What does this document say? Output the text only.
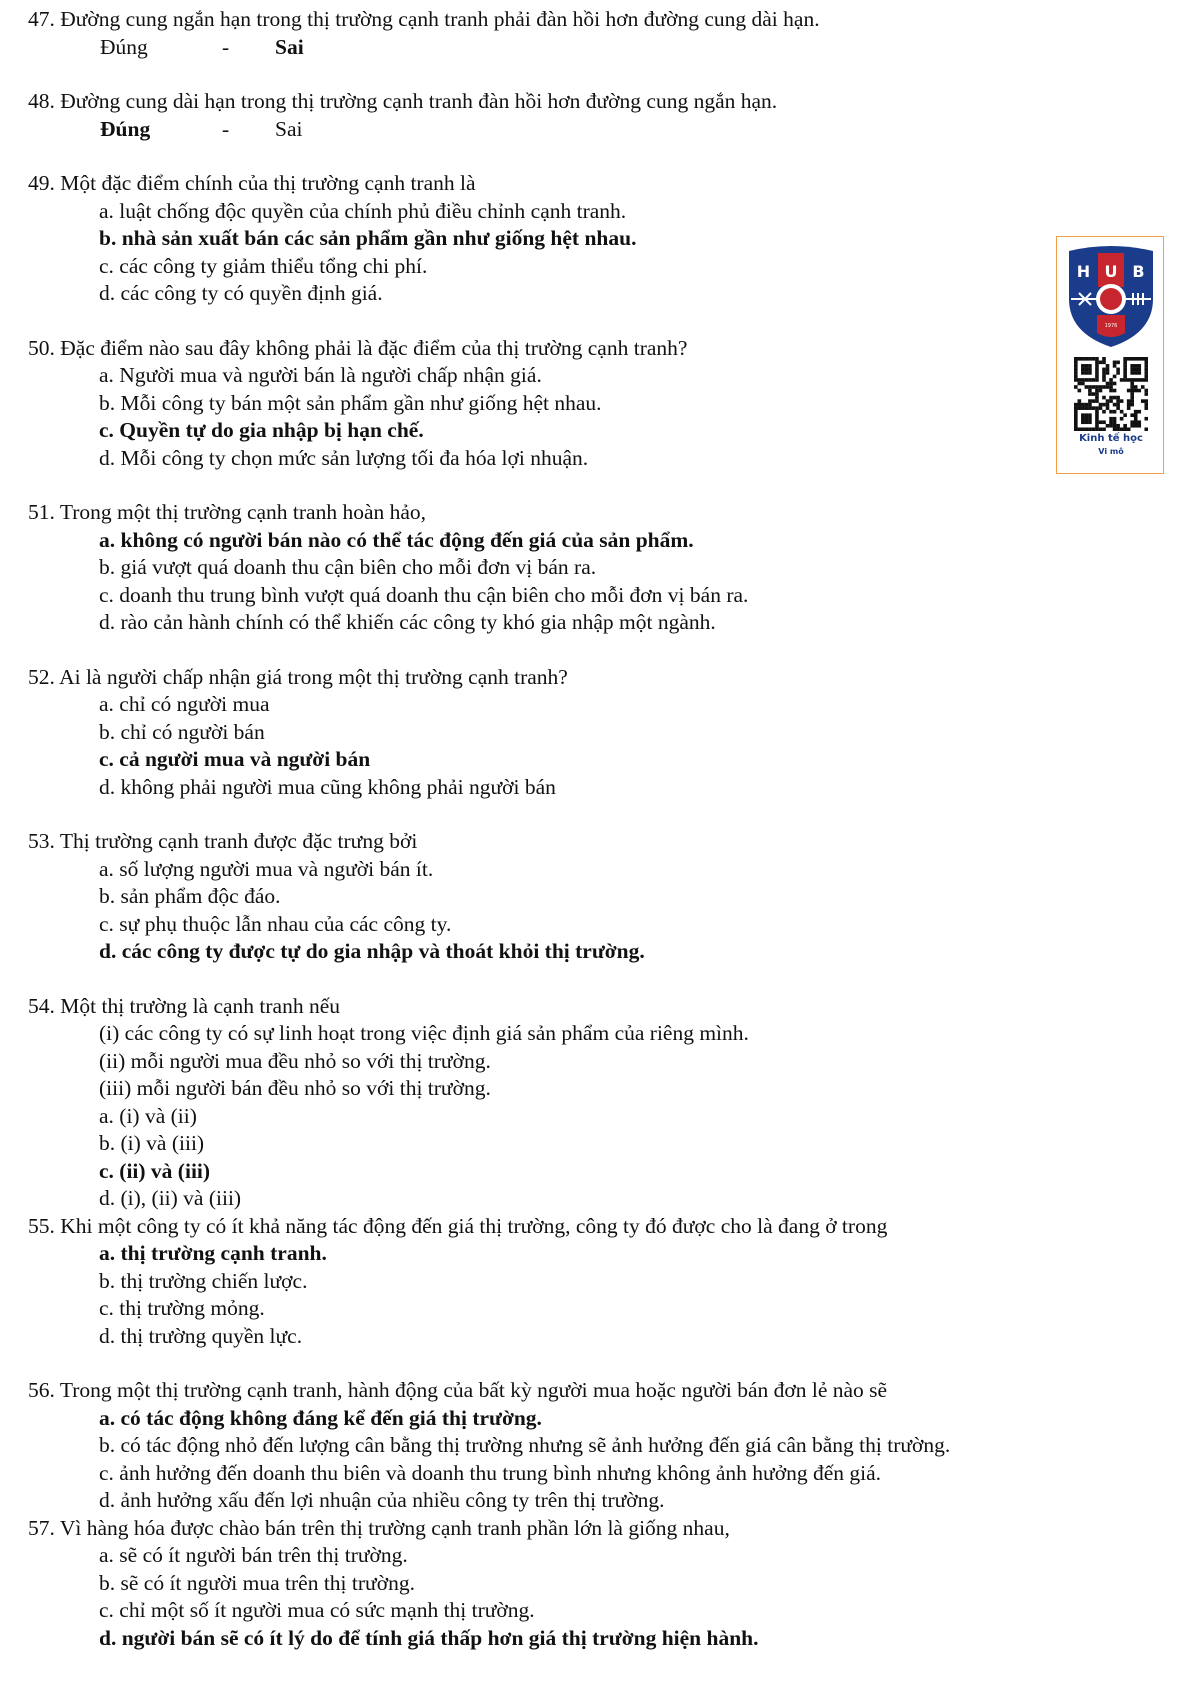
47. Đường cung ngắn hạn trong thị trường cạnh tranh phải đàn hồi hơn đường cung dài hạn.
Đúng	-	Sai
48. Đường cung dài hạn trong thị trường cạnh tranh đàn hồi hơn đường cung ngắn hạn.
Đúng	-	Sai
49. Một đặc điểm chính của thị trường cạnh tranh là
a. luật chống độc quyền của chính phủ điều chỉnh cạnh tranh.
b. nhà sản xuất bán các sản phẩm gần như giống hệt nhau.
c. các công ty giảm thiểu tổng chi phí.
d. các công ty có quyền định giá.
50. Đặc điểm nào sau đây không phải là đặc điểm của thị trường cạnh tranh?
a. Người mua và người bán là người chấp nhận giá.
b. Mỗi công ty bán một sản phẩm gần như giống hệt nhau.
c. Quyền tự do gia nhập bị hạn chế.
d. Mỗi công ty chọn mức sản lượng tối đa hóa lợi nhuận.
51. Trong một thị trường cạnh tranh hoàn hảo,
a. không có người bán nào có thể tác động đến giá của sản phẩm.
b. giá vượt quá doanh thu cận biên cho mỗi đơn vị bán ra.
c. doanh thu trung bình vượt quá doanh thu cận biên cho mỗi đơn vị bán ra.
d. rào cản hành chính có thể khiến các công ty khó gia nhập một ngành.
52. Ai là người chấp nhận giá trong một thị trường cạnh tranh?
a. chỉ có người mua
b. chỉ có người bán
c. cả người mua và người bán
d. không phải người mua cũng không phải người bán
53. Thị trường cạnh tranh được đặc trưng bởi
a. số lượng người mua và người bán ít.
b. sản phẩm độc đáo.
c. sự phụ thuộc lẫn nhau của các công ty.
d. các công ty được tự do gia nhập và thoát khỏi thị trường.
54. Một thị trường là cạnh tranh nếu
(i) các công ty có sự linh hoạt trong việc định giá sản phẩm của riêng mình.
(ii) mỗi người mua đều nhỏ so với thị trường.
(iii) mỗi người bán đều nhỏ so với thị trường.
a. (i) và (ii)
b. (i) và (iii)
c. (ii) và (iii)
d. (i), (ii) và (iii)
55. Khi một công ty có ít khả năng tác động đến giá thị trường, công ty đó được cho là đang ở trong
a. thị trường cạnh tranh.
b. thị trường chiến lược.
c. thị trường mỏng.
d. thị trường quyền lực.
56. Trong một thị trường cạnh tranh, hành động của bất kỳ người mua hoặc người bán đơn lẻ nào sẽ
a. có tác động không đáng kể đến giá thị trường.
b. có tác động nhỏ đến lượng cân bằng thị trường nhưng sẽ ảnh hưởng đến giá cân bằng thị trường.
c. ảnh hưởng đến doanh thu biên và doanh thu trung bình nhưng không ảnh hưởng đến giá.
d. ảnh hưởng xấu đến lợi nhuận của nhiều công ty trên thị trường.
57. Vì hàng hóa được chào bán trên thị trường cạnh tranh phần lớn là giống nhau,
a. sẽ có ít người bán trên thị trường.
b. sẽ có ít người mua trên thị trường.
c. chỉ một số ít người mua có sức mạnh thị trường.
d. người bán sẽ có ít lý do để tính giá thấp hơn giá thị trường hiện hành.
H U B
1976
Kinh tế học
Vi mô
